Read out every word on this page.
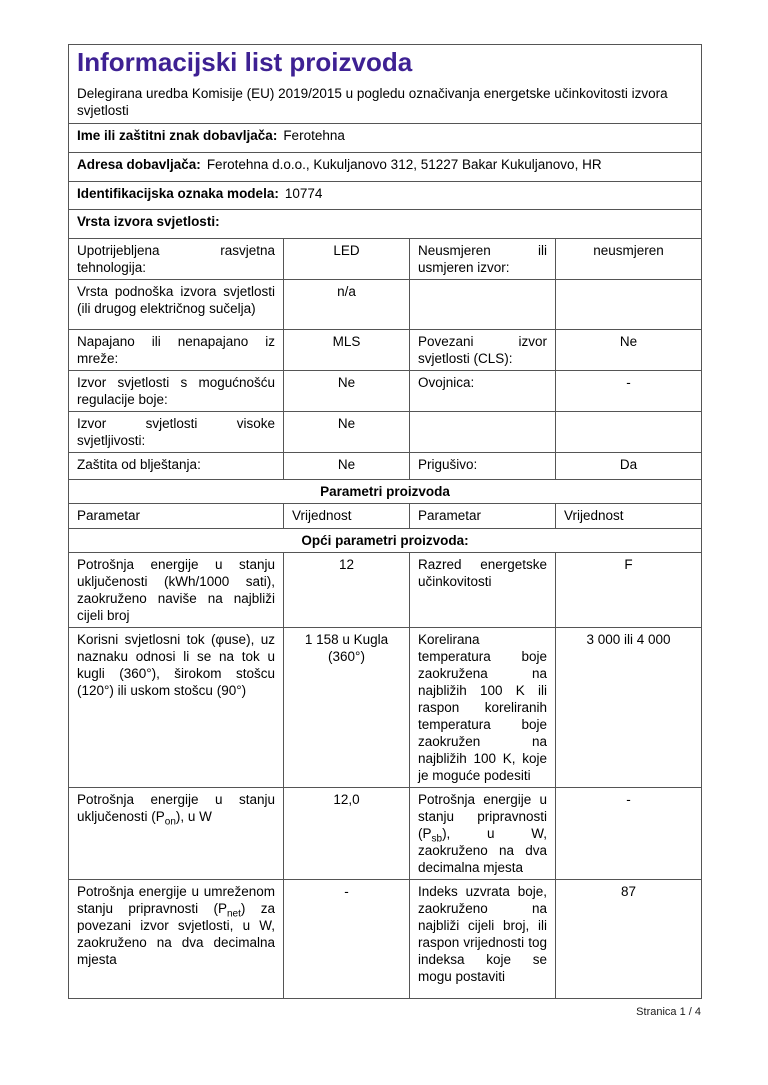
Informacijski list proizvoda
Delegirana uredba Komisije (EU) 2019/2015 u pogledu označivanja energetske učinkovitosti izvora svjetlosti			

Ime ili zaštitni znak dobavljača: Ferotehna			
Adresa dobavljača: Ferotehna d.o.o., Kukuljanovo 312, 51227 Bakar Kukuljanovo, HR			
Identifikacijska oznaka modela: 10774			
Vrsta izvora svjetlosti:			
Upotrijebljena rasvjetna tehnologija:	LED	Neusmjeren ili usmjeren izvor:	neusmjeren
Vrsta podnoška izvora svjetlosti (ili drugog električnog sučelja)	n/a		
Napajano ili nenapajano iz mreže:	MLS	Povezani izvor svjetlosti (CLS):	Ne
Izvor svjetlosti s mogućnošću regulacije boje:	Ne	Ovojnica:	-
Izvor svjetlosti visoke svjetljivosti:	Ne		
Zaštita od blještanja:	Ne	Prigušivo:	Da
Parametri proizvoda			
Parametar	Vrijednost	Parametar	Vrijednost
Opći parametri proizvoda:			
Potrošnja energije u stanju uključenosti (kWh/1000 sati), zaokruženo naviše na najbliži cijeli broj	12	Razred energetske učinkovitosti	F
Korisni svjetlosni tok (φuse), uz naznaku odnosi li se na tok u kugli (360°), širokom stošcu (120°) ili uskom stošcu (90°)	1 158 u Kugla (360°)	Korelirana temperatura boje zaokružena na najbližih 100 K ili raspon koreliranih temperatura boje zaokružen na najbližih 100 K, koje je moguće podesiti	3 000 ili 4 000
Potrošnja energije u stanju uključenosti $(P_{on})$, u W	12,0	Potrošnja energije u stanju pripravnosti $(P_{sb})$, u W, zaokruženo na dva decimalna mjesta	-
Potrošnja energije u umreženom stanju pripravnosti $(P_{net})$ za povezani izvor svjetlosti, u W, zaokruženo na dva decimalna mjesta	-	Indeks uzvrata boje, zaokruženo na najbliži cijeli broj, ili raspon vrijednosti tog indeksa koje se mogu postaviti	87
Stranica 1 / 4
